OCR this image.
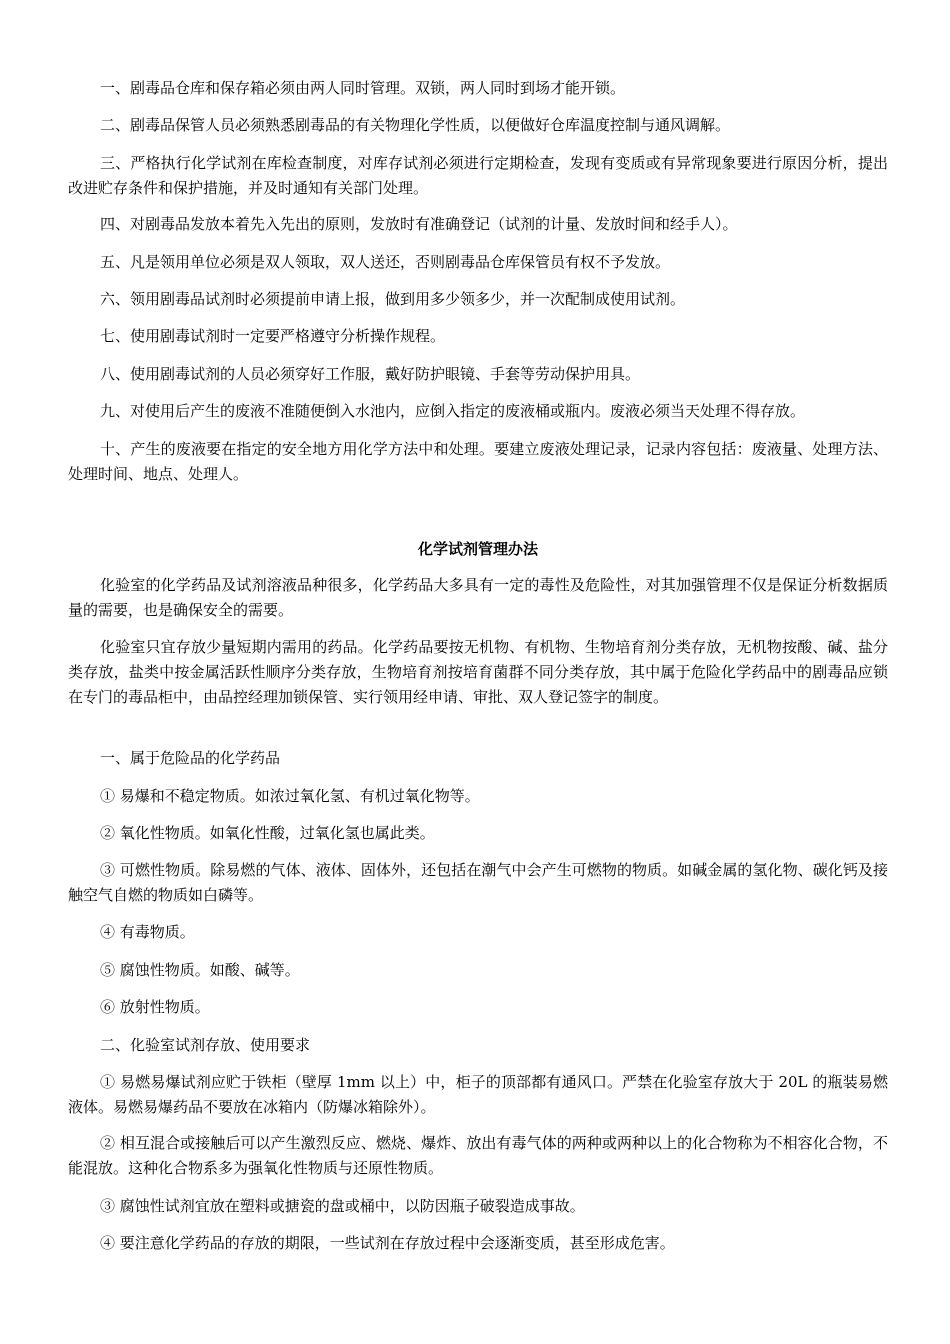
一、剧毒品仓库和保存箱必须由两人同时管理。双锁，两人同时到场才能开锁。

二、剧毒品保管人员必须熟悉剧毒品的有关物理化学性质，以便做好仓库温度控制与通风调解。

三、严格执行化学试剂在库检查制度，对库存试剂必须进行定期检查，发现有变质或有异常现象要进行原因分析，提出改进贮存条件和保护措施，并及时通知有关部门处理。

四、对剧毒品发放本着先入先出的原则，发放时有准确登记（试剂的计量、发放时间和经手人）。

五、凡是领用单位必须是双人领取，双人送还，否则剧毒品仓库保管员有权不予发放。

六、领用剧毒品试剂时必须提前申请上报，做到用多少领多少，并一次配制成使用试剂。

七、使用剧毒试剂时一定要严格遵守分析操作规程。

八、使用剧毒试剂的人员必须穿好工作服，戴好防护眼镜、手套等劳动保护用具。

九、对使用后产生的废液不准随便倒入水池内，应倒入指定的废液桶或瓶内。废液必须当天处理不得存放。

十、产生的废液要在指定的安全地方用化学方法中和处理。要建立废液处理记录，记录内容包括：废液量、处理方法、处理时间、地点、处理人。

化学试剂管理办法

化验室的化学药品及试剂溶液品种很多，化学药品大多具有一定的毒性及危险性，对其加强管理不仅是保证分析数据质量的需要，也是确保安全的需要。

化验室只宜存放少量短期内需用的药品。化学药品要按无机物、有机物、生物培育剂分类存放，无机物按酸、碱、盐分类存放，盐类中按金属活跃性顺序分类存放，生物培育剂按培育菌群不同分类存放，其中属于危险化学药品中的剧毒品应锁在专门的毒品柜中，由品控经理加锁保管、实行领用经申请、审批、双人登记签字的制度。

一、属于危险品的化学药品

① 易爆和不稳定物质。如浓过氧化氢、有机过氧化物等。

② 氧化性物质。如氧化性酸，过氧化氢也属此类。

③ 可燃性物质。除易燃的气体、液体、固体外，还包括在潮气中会产生可燃物的物质。如碱金属的氢化物、碳化钙及接触空气自燃的物质如白磷等。

④ 有毒物质。

⑤ 腐蚀性物质。如酸、碱等。

⑥ 放射性物质。

二、化验室试剂存放、使用要求

① 易燃易爆试剂应贮于铁柜（壁厚 1mm 以上）中，柜子的顶部都有通风口。严禁在化验室存放大于 20L 的瓶装易燃液体。易燃易爆药品不要放在冰箱内（防爆冰箱除外）。

② 相互混合或接触后可以产生激烈反应、燃烧、爆炸、放出有毒气体的两种或两种以上的化合物称为不相容化合物，不能混放。这种化合物系多为强氧化性物质与还原性物质。

③ 腐蚀性试剂宜放在塑料或搪瓷的盘或桶中，以防因瓶子破裂造成事故。

④ 要注意化学药品的存放的期限，一些试剂在存放过程中会逐渐变质，甚至形成危害。
